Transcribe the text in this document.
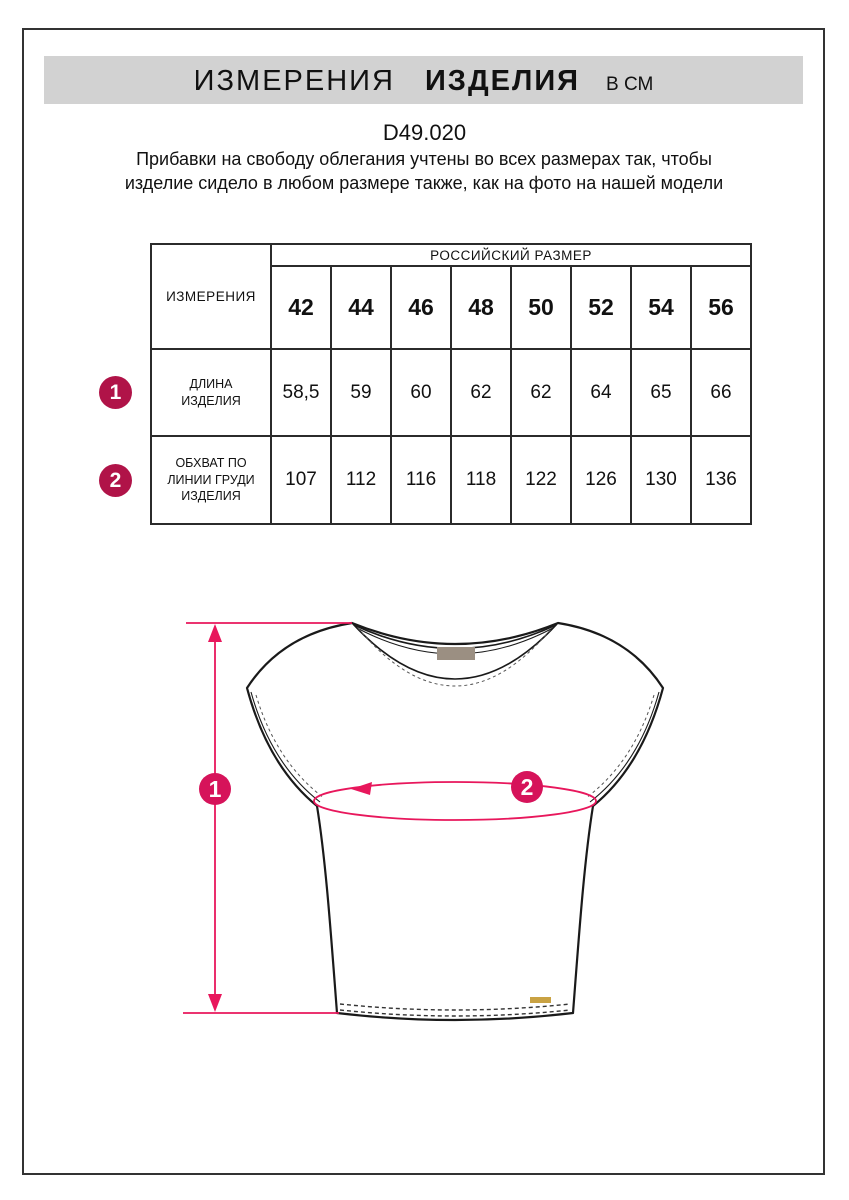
ИЗМЕРЕНИЯ ИЗДЕЛИЯ В СМ
D49.020
Прибавки на свободу облегания учтены во всех размерах так, чтобы изделие сидело в любом размере также, как на фото на нашей модели
ИЗМЕРЕНИЯ	РОССИЙСКИЙ РАЗМЕР							
	42	44	46	48	50	52	54	56
ДЛИНА ИЗДЕЛИЯ	58,5	59	60	62	62	64	65	66
ОБХВАТ ПО ЛИНИИ ГРУДИ ИЗДЕЛИЯ	107	112	116	118	122	126	130	136
1
2
1	2
